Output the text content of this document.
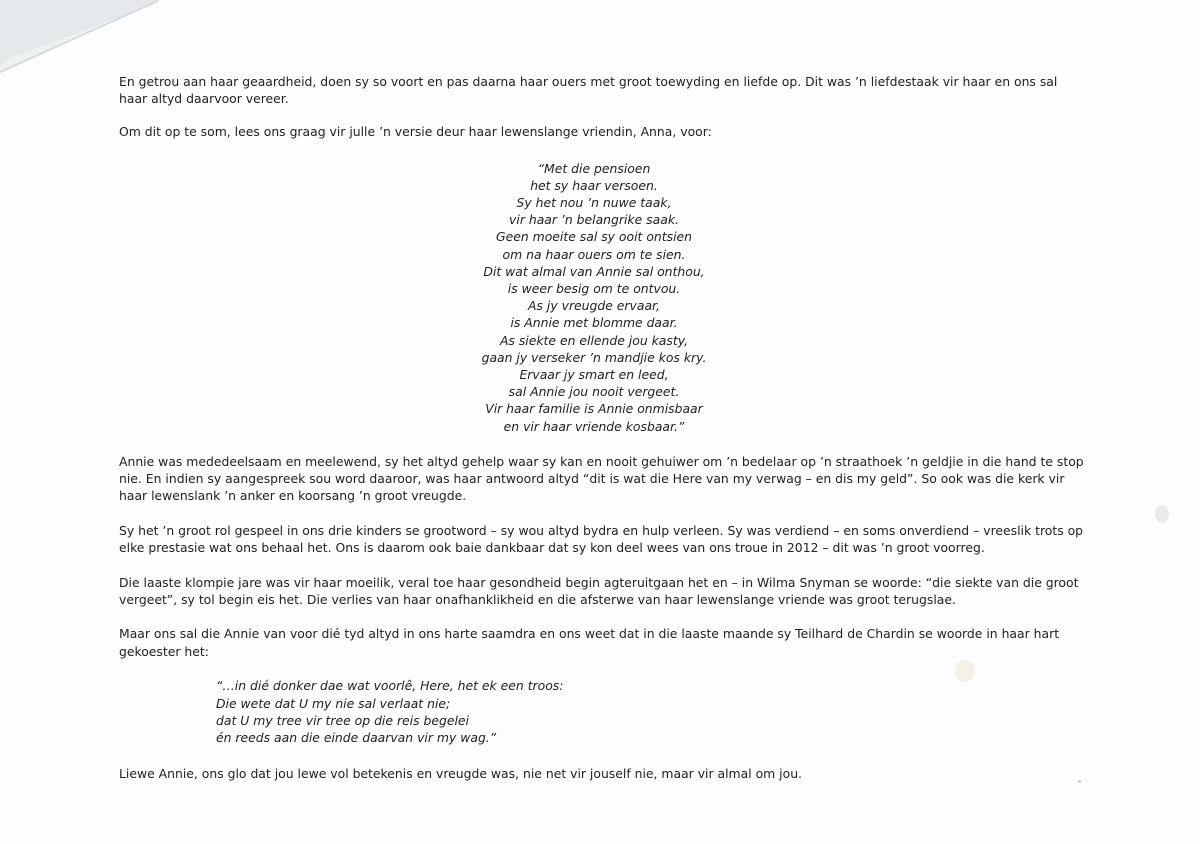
En getrou aan haar geaardheid, doen sy so voort en pas daarna haar ouers met groot toewyding en liefde op. Dit was ’n liefdestaak vir haar en ons sal haar altyd daarvoor vereer.

Om dit op te som, lees ons graag vir julle ’n versie deur haar lewenslange vriendin, Anna, voor:

“Met die pensioen
het sy haar versoen.
Sy het nou ’n nuwe taak,
vir haar ’n belangrike saak.
Geen moeite sal sy ooit ontsien
om na haar ouers om te sien.
Dit wat almal van Annie sal onthou,
is weer besig om te ontvou.
As jy vreugde ervaar,
is Annie met blomme daar.
As siekte en ellende jou kasty,
gaan jy verseker ’n mandjie kos kry.
Ervaar jy smart en leed,
sal Annie jou nooit vergeet.
Vir haar familie is Annie onmisbaar
en vir haar vriende kosbaar.”

Annie was mededeelsaam en meelewend, sy het altyd gehelp waar sy kan en nooit gehuiwer om ’n bedelaar op ’n straathoek ’n geldjie in die hand te stop nie. En indien sy aangespreek sou word daaroor, was haar antwoord altyd “dit is wat die Here van my verwag – en dis my geld”. So ook was die kerk vir haar lewenslank ’n anker en koorsang ’n groot vreugde.

Sy het ’n groot rol gespeel in ons drie kinders se grootword – sy wou altyd bydra en hulp verleen. Sy was verdiend – en soms onverdiend – vreeslik trots op elke prestasie wat ons behaal het. Ons is daarom ook baie dankbaar dat sy kon deel wees van ons troue in 2012 – dit was ’n groot voorreg.

Die laaste klompie jare was vir haar moeilik, veral toe haar gesondheid begin agteruitgaan het en – in Wilma Snyman se woorde: “die siekte van die groot vergeet”, sy tol begin eis het. Die verlies van haar onafhanklikheid en die afsterwe van haar lewenslange vriende was groot terugslae.

Maar ons sal die Annie van voor dié tyd altyd in ons harte saamdra en ons weet dat in die laaste maande sy Teilhard de Chardin se woorde in haar hart gekoester het:

“…in dié donker dae wat voorlê, Here, het ek een troos:
Die wete dat U my nie sal verlaat nie;
dat U my tree vir tree op die reis begelei
én reeds aan die einde daarvan vir my wag.”

Liewe Annie, ons glo dat jou lewe vol betekenis en vreugde was, nie net vir jouself nie, maar vir almal om jou.
